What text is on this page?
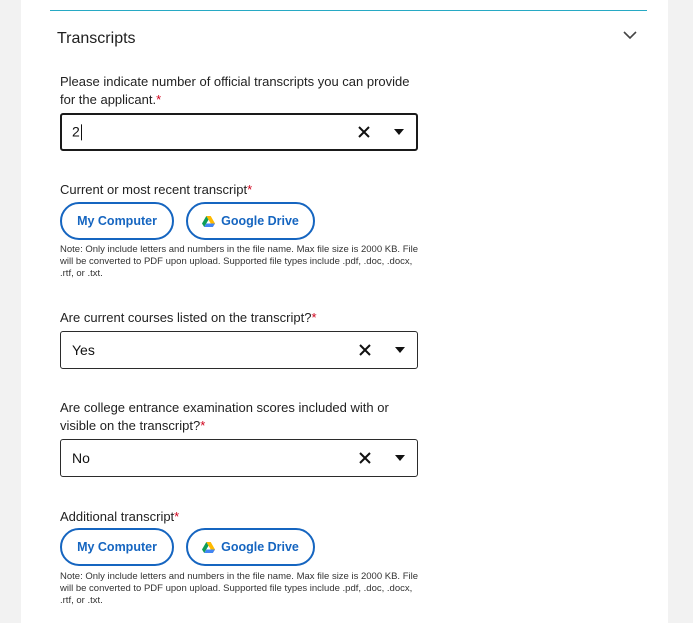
Transcripts
Please indicate number of official transcripts you can provide for the applicant.*
2
Current or most recent transcript*
My Computer	Google Drive
Note: Only include letters and numbers in the file name. Max file size is 2000 KB. File will be converted to PDF upon upload. Supported file types include .pdf, .doc, .docx, .rtf, or .txt.
Are current courses listed on the transcript?*
Yes
Are college entrance examination scores included with or visible on the transcript?*
No
Additional transcript*
My Computer	Google Drive
Note: Only include letters and numbers in the file name. Max file size is 2000 KB. File will be converted to PDF upon upload. Supported file types include .pdf, .doc, .docx, .rtf, or .txt.
